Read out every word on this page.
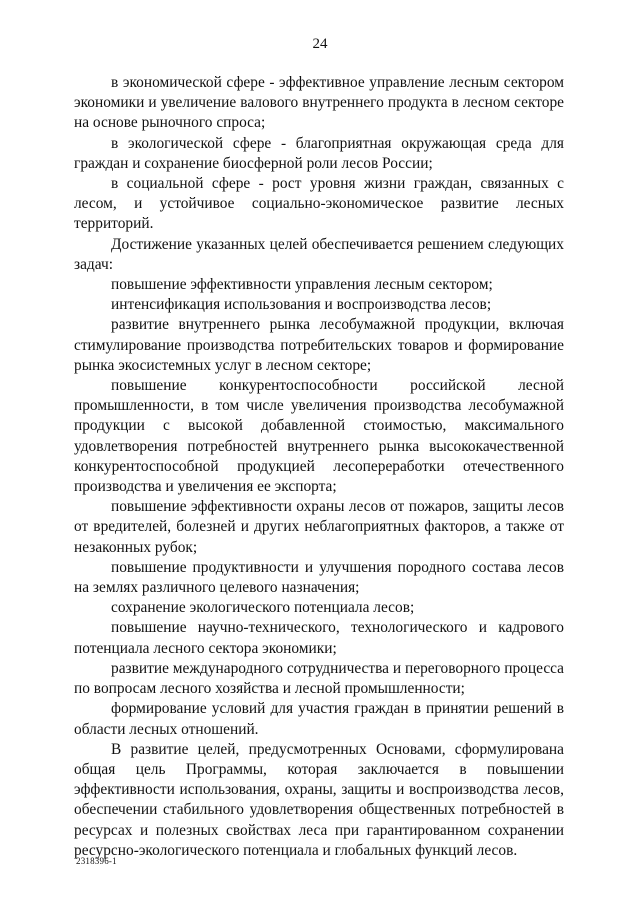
24

в экономической сфере - эффективное управление лесным сектором экономики и увеличение валового внутреннего продукта в лесном секторе на основе рыночного спроса;

в экологической сфере - благоприятная окружающая среда для граждан и сохранение биосферной роли лесов России;

в социальной сфере - рост уровня жизни граждан, связанных с лесом, и устойчивое социально-экономическое развитие лесных территорий.

Достижение указанных целей обеспечивается решением следующих задач:

повышение эффективности управления лесным сектором;

интенсификация использования и воспроизводства лесов;

развитие внутреннего рынка лесобумажной продукции, включая стимулирование производства потребительских товаров и формирование рынка экосистемных услуг в лесном секторе;

повышение конкурентоспособности российской лесной промышленности, в том числе увеличения производства лесобумажной продукции с высокой добавленной стоимостью, максимального удовлетворения потребностей внутреннего рынка высококачественной конкурентоспособной продукцией лесопереработки отечественного производства и увеличения ее экспорта;

повышение эффективности охраны лесов от пожаров, защиты лесов от вредителей, болезней и других неблагоприятных факторов, а также от незаконных рубок;

повышение продуктивности и улучшения породного состава лесов на землях различного целевого назначения;

сохранение экологического потенциала лесов;

повышение научно-технического, технологического и кадрового потенциала лесного сектора экономики;

развитие международного сотрудничества и переговорного процесса по вопросам лесного хозяйства и лесной промышленности;

формирование условий для участия граждан в принятии решений в области лесных отношений.

В развитие целей, предусмотренных Основами, сформулирована общая цель Программы, которая заключается в повышении эффективности использования, охраны, защиты и воспроизводства лесов, обеспечении стабильного удовлетворения общественных потребностей в ресурсах и полезных свойствах леса при гарантированном сохранении ресурсно-экологического потенциала и глобальных функций лесов.

2318396-1
